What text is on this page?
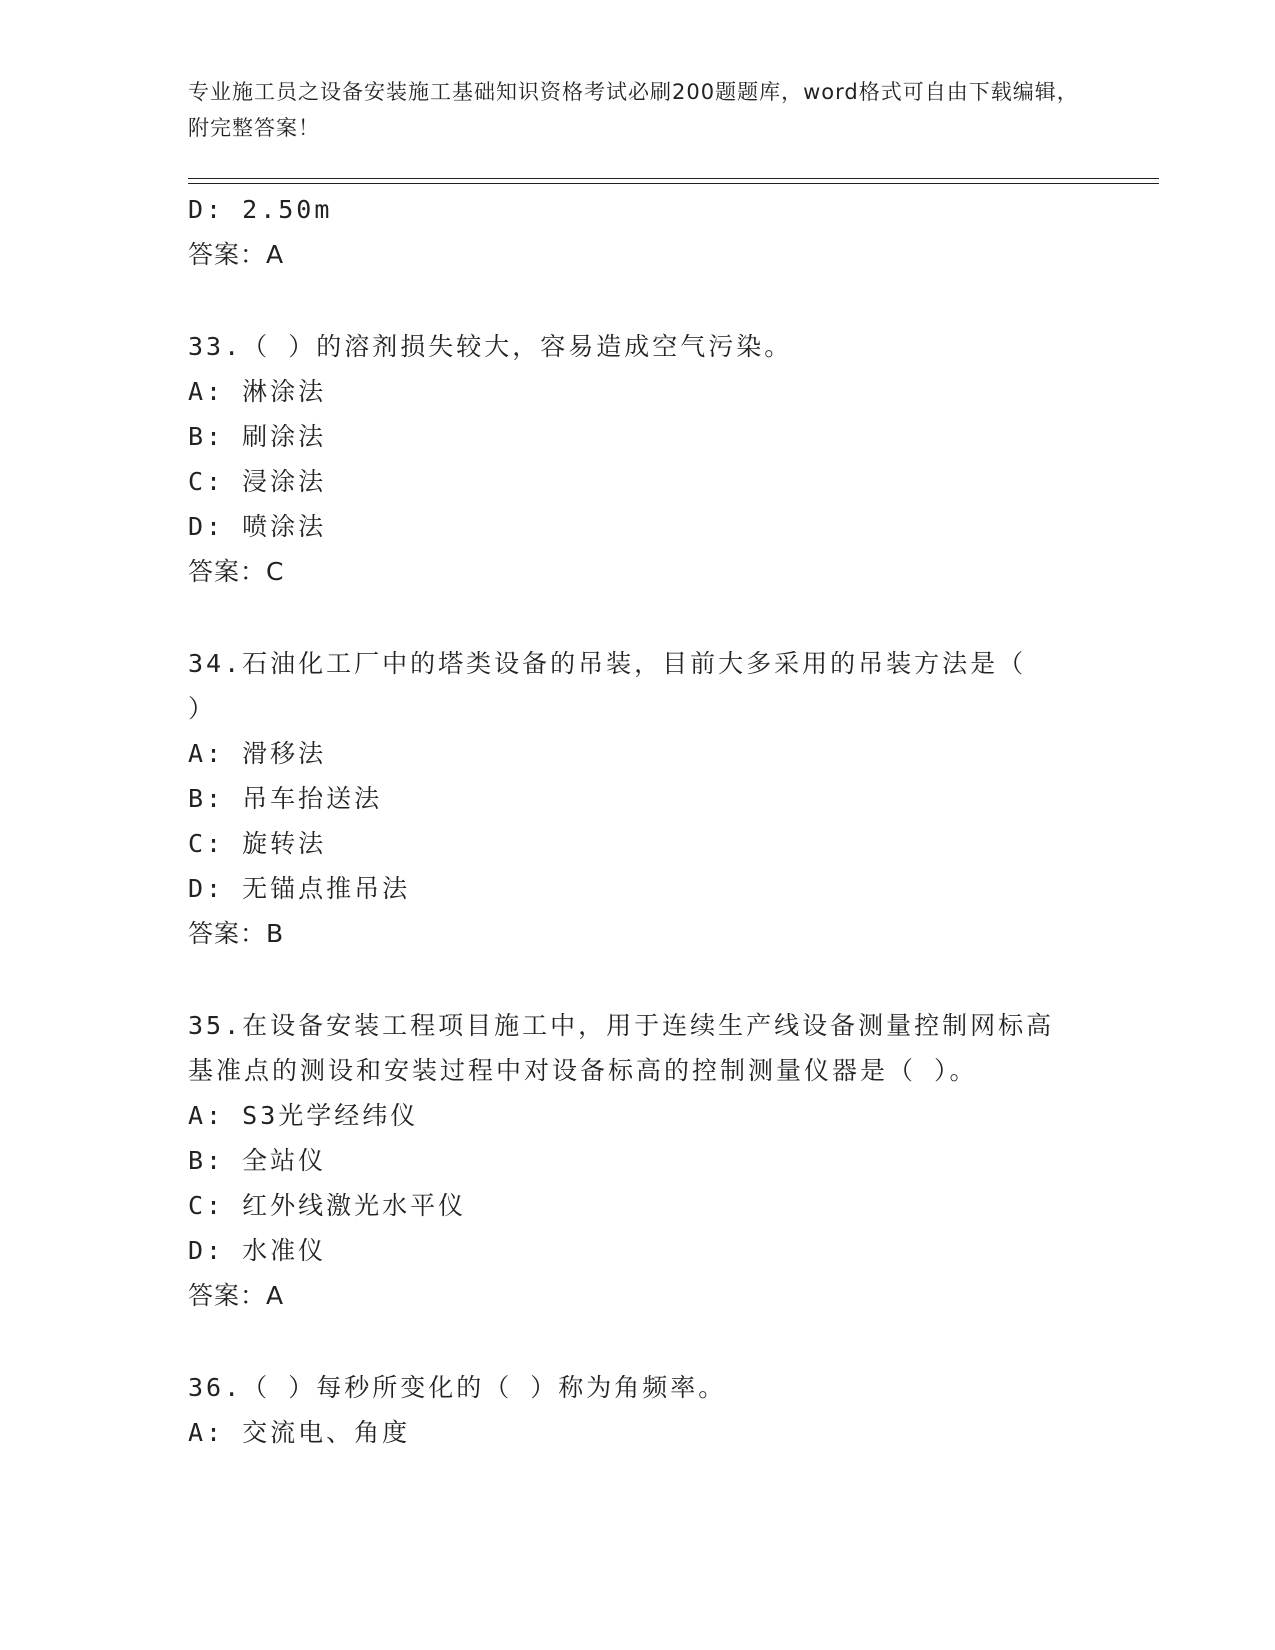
专业施工员之设备安装施工基础知识资格考试必刷200题题库，word格式可自由下载编辑，附完整答案！
D: 2.50m
答案：A
33.（ ）的溶剂损失较大，容易造成空气污染。
A: 淋涂法
B: 刷涂法
C: 浸涂法
D: 喷涂法
答案：C
34.石油化工厂中的塔类设备的吊装，目前大多采用的吊装方法是（
）
A: 滑移法
B: 吊车抬送法
C: 旋转法
D: 无锚点推吊法
答案：B
35.在设备安装工程项目施工中，用于连续生产线设备测量控制网标高
基准点的测设和安装过程中对设备标高的控制测量仪器是（ ）。
A: S3光学经纬仪
B: 全站仪
C: 红外线激光水平仪
D: 水准仪
答案：A
36.（ ）每秒所变化的（ ）称为角频率。
A: 交流电、角度
